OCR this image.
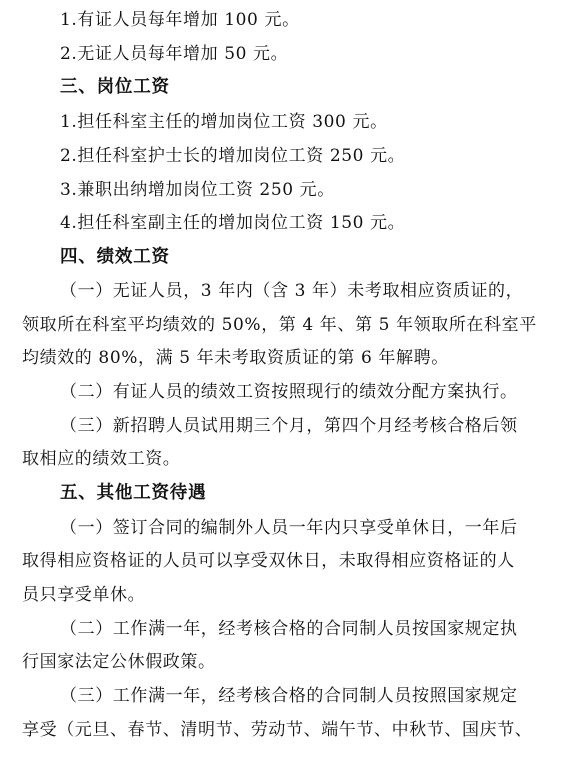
1.有证人员每年增加 100 元。
2.无证人员每年增加 50 元。
三、岗位工资
1.担任科室主任的增加岗位工资 300 元。
2.担任科室护士长的增加岗位工资 250 元。
3.兼职出纳增加岗位工资 250 元。
4.担任科室副主任的增加岗位工资 150 元。
四、绩效工资
（一）无证人员，3 年内（含 3 年）未考取相应资质证的，
领取所在科室平均绩效的 50%，第 4 年、第 5 年领取所在科室平
均绩效的 80%，满 5 年未考取资质证的第 6 年解聘。
（二）有证人员的绩效工资按照现行的绩效分配方案执行。
（三）新招聘人员试用期三个月，第四个月经考核合格后领
取相应的绩效工资。
五、其他工资待遇
（一）签订合同的编制外人员一年内只享受单休日，一年后
取得相应资格证的人员可以享受双休日，未取得相应资格证的人
员只享受单休。
（二）工作满一年，经考核合格的合同制人员按国家规定执
行国家法定公休假政策。
（三）工作满一年，经考核合格的合同制人员按照国家规定
享受（元旦、春节、清明节、劳动节、端午节、中秋节、国庆节、
